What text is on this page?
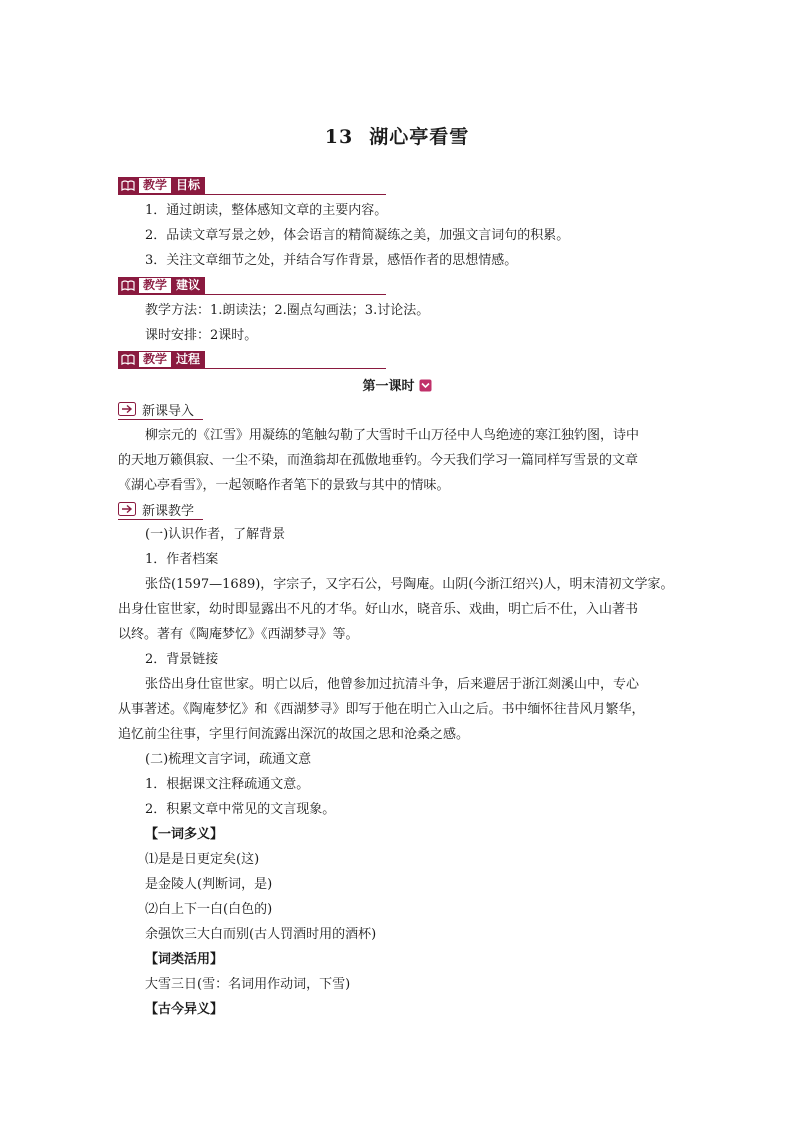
13 湖心亭看雪
教学 目标
1．通过朗读，整体感知文章的主要内容。
2．品读文章写景之妙，体会语言的精简凝练之美，加强文言词句的积累。
3．关注文章细节之处，并结合写作背景，感悟作者的思想情感。
教学 建议
教学方法：1.朗读法；2.圈点勾画法；3.讨论法。
课时安排：2课时。
教学 过程
第一课时
新课导入
柳宗元的《江雪》用凝练的笔触勾勒了大雪时千山万径中人鸟绝迹的寒江独钓图，诗中
的天地万籁俱寂、一尘不染，而渔翁却在孤傲地垂钓。今天我们学习一篇同样写雪景的文章
《湖心亭看雪》，一起领略作者笔下的景致与其中的情味。
新课教学
(一)认识作者，了解背景
1．作者档案
张岱(1597—1689)，字宗子，又字石公，号陶庵。山阴(今浙江绍兴)人，明末清初文学家。
出身仕宦世家，幼时即显露出不凡的才华。好山水，晓音乐、戏曲，明亡后不仕，入山著书
以终。著有《陶庵梦忆》《西湖梦寻》等。
2．背景链接
张岱出身仕宦世家。明亡以后，他曾参加过抗清斗争，后来避居于浙江剡溪山中，专心
从事著述。《陶庵梦忆》和《西湖梦寻》即写于他在明亡入山之后。书中缅怀往昔风月繁华，
追忆前尘往事，字里行间流露出深沉的故国之思和沧桑之感。
(二)梳理文言字词，疏通文意
1．根据课文注释疏通文意。
2．积累文章中常见的文言现象。
【一词多义】
⑴是是日更定矣(这)
是金陵人(判断词，是)
⑵白上下一白(白色的)
余强饮三大白而别(古人罚酒时用的酒杯)
【词类活用】
大雪三日(雪：名词用作动词，下雪)
【古今异义】
